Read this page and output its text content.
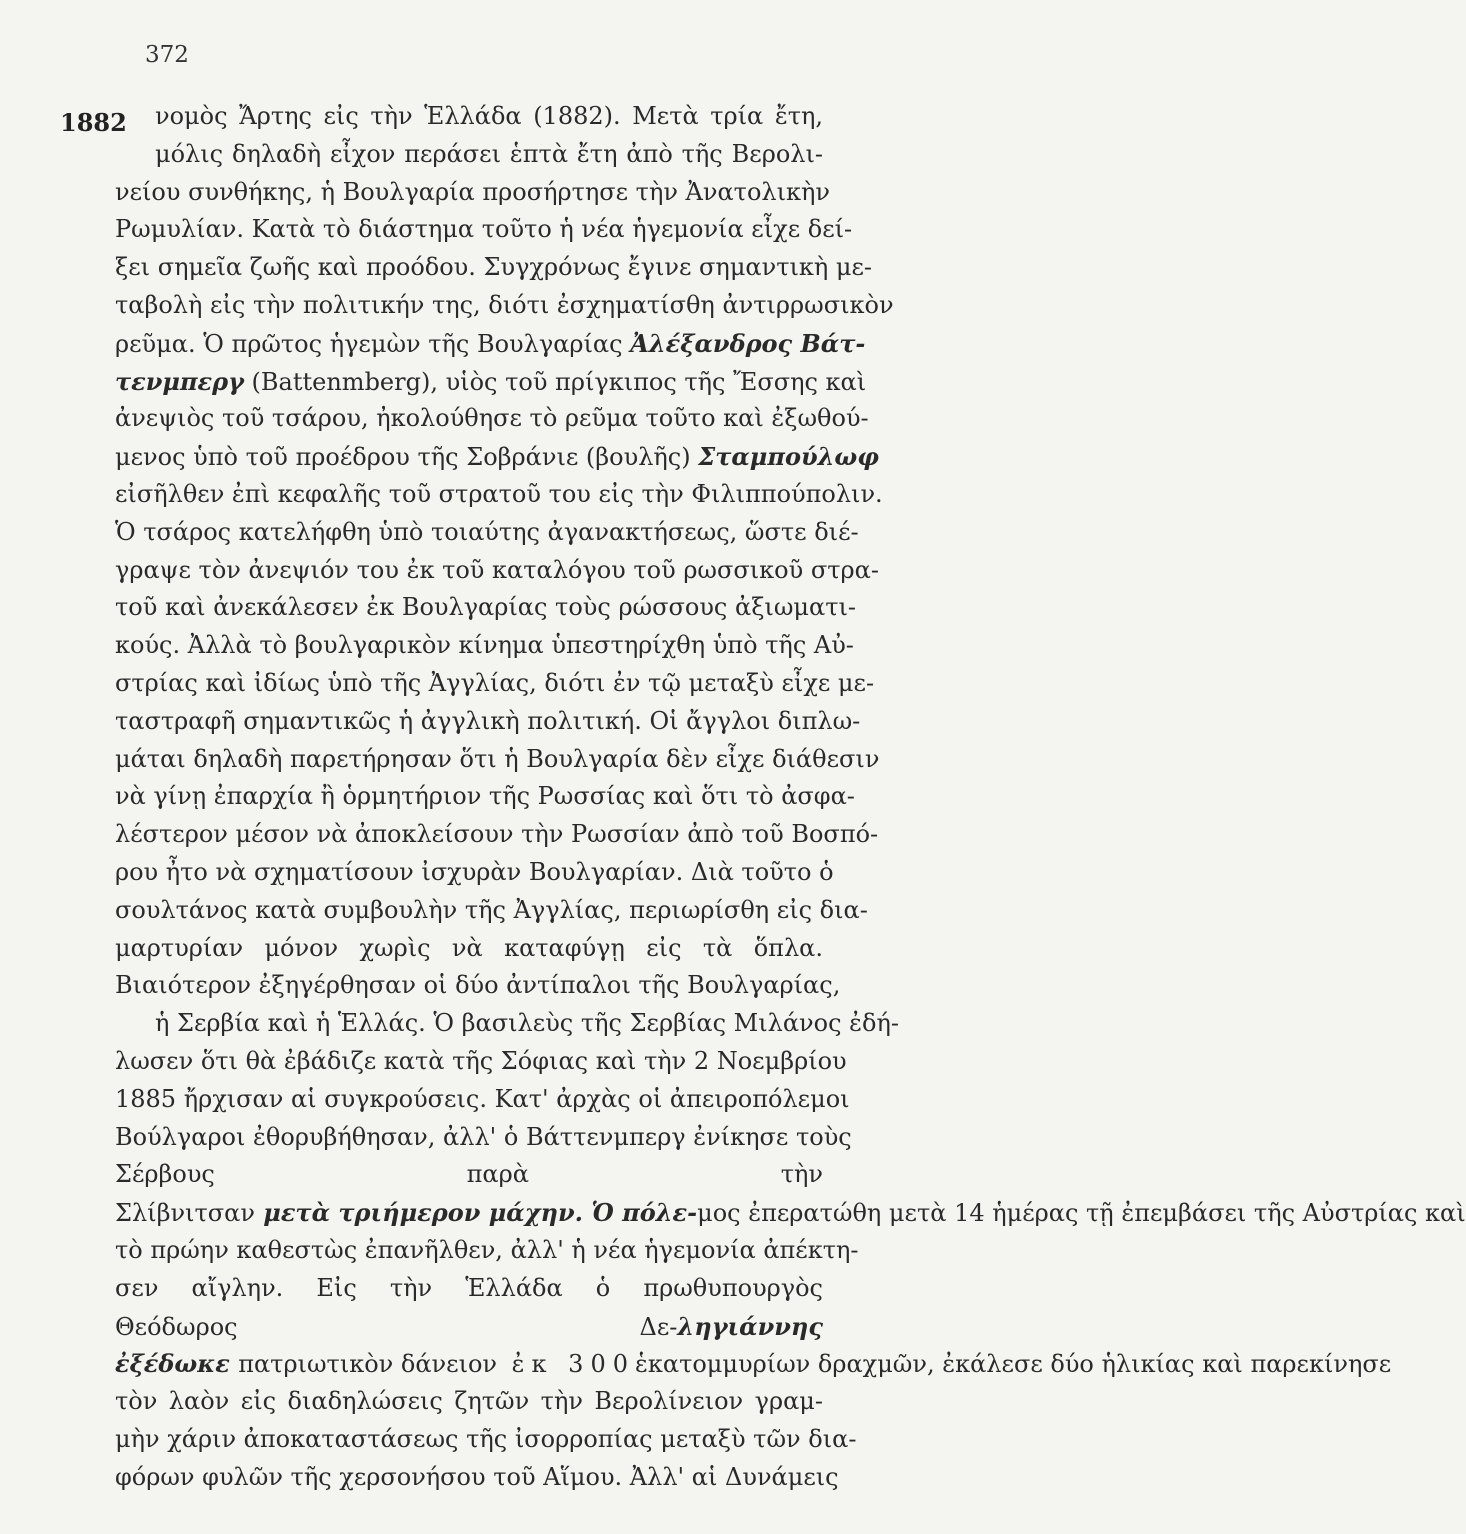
372
1882	νομὸς Ἄρτης εἰς τὴν Ἑλλάδα (1882). Μετὰ τρία ἔτη,
μόλις δηλαδὴ εἶχον περάσει ἑπτὰ ἔτη ἀπὸ τῆς Βερολι-
νείου συνθήκης, ἡ Βουλγαρία προσήρτησε τὴν Ἀνατολικὴν
Ρωμυλίαν. Κατὰ τὸ διάστημα τοῦτο ἡ νέα ἡγεμονία εἶχε δεί-
ξει σημεῖα ζωῆς καὶ προόδου. Συγχρόνως ἔγινε σημαντικὴ με-
ταβολὴ εἰς τὴν πολιτικήν της, διότι ἐσχηματίσθη ἀντιρρωσικὸν
ρεῦμα. Ὁ πρῶτος ἡγεμὼν τῆς Βουλγαρίας Ἀλέξανδρος Βάτ-
τενμπεργ (Battenmberg), υἱὸς τοῦ πρίγκιπος τῆς Ἔσσης καὶ
ἀνεψιὸς τοῦ τσάρου, ἠκολούθησε τὸ ρεῦμα τοῦτο καὶ ἐξωθού-
μενος ὑπὸ τοῦ προέδρου τῆς Σοβράνιε (βουλῆς) Σταμπούλωφ
εἰσῆλθεν ἐπὶ κεφαλῆς τοῦ στρατοῦ του εἰς τὴν Φιλιππούπολιν.
Ὁ τσάρος κατελήφθη ὑπὸ τοιαύτης ἀγανακτήσεως, ὥστε διέ-
γραψε τὸν ἀνεψιόν του ἐκ τοῦ καταλόγου τοῦ ρωσσικοῦ στρα-
τοῦ καὶ ἀνεκάλεσεν ἐκ Βουλγαρίας τοὺς ρώσσους ἀξιωματι-
κούς. Ἀλλὰ τὸ βουλγαρικὸν κίνημα ὑπεστηρίχθη ὑπὸ τῆς Αὐ-
στρίας καὶ ἰδίως ὑπὸ τῆς Ἀγγλίας, διότι ἐν τῷ μεταξὺ εἶχε με-
ταστραφῆ σημαντικῶς ἡ ἀγγλικὴ πολιτική. Οἱ ἄγγλοι διπλω-
μάται δηλαδὴ παρετήρησαν ὅτι ἡ Βουλγαρία δὲν εἶχε διάθεσιν
νὰ γίνῃ ἐπαρχία ἢ ὁρμητήριον τῆς Ρωσσίας καὶ ὅτι τὸ ἀσφα-
λέστερον μέσον νὰ ἀποκλείσουν τὴν Ρωσσίαν ἀπὸ τοῦ Βοσπό-
ρου ἦτο νὰ σχηματίσουν ἰσχυρὰν Βουλγαρίαν. Διὰ τοῦτο ὁ
σουλτάνος κατὰ συμβουλὴν τῆς Ἀγγλίας, περιωρίσθη εἰς δια-
μαρτυρίαν μόνον χωρὶς νὰ καταφύγῃ εἰς τὰ ὅπλα.
Βιαιότερον ἐξηγέρθησαν οἱ δύο ἀντίπαλοι τῆς Βουλγαρίας,
ἡ Σερβία καὶ ἡ Ἑλλάς. Ὁ βασιλεὺς τῆς Σερβίας Μιλάνος ἐδή-
λωσεν ὅτι θὰ ἐβάδιζε κατὰ τῆς Σόφιας καὶ τὴν 2 Νοεμβρίου
1885 ἤρχισαν αἱ συγκρούσεις. Κατ' ἀρχὰς οἱ ἀπειροπόλεμοι
Βούλγαροι ἐθορυβήθησαν, ἀλλ' ὁ Βάττενμπεργ ἐνίκησε τοὺς
Σέρβους παρὰ τὴν
Σλίβνιτσαν μετὰ τριήμερον μάχην. Ὁ πόλε-μος ἐπερατώθη μετὰ 14 ἡμέρας τῇ ἐπεμβάσει τῆς Αὐστρίας καὶ
τὸ πρώην καθεστὼς ἐπανῆλθεν, ἀλλ' ἡ νέα ἡγεμονία ἀπέκτη-
σεν αἴγλην. Εἰς τὴν Ἑλλάδα ὁ πρωθυπουργὸς
Θεόδωρος Δε-ληγιάννης
ἐξέδωκε πατριωτικὸν δάνειον ἐκ 300ἑκατομμυρίων δραχμῶν, ἐκάλεσε δύο ἡλικίας καὶ παρεκίνησε
τὸν λαὸν εἰς διαδηλώσεις ζητῶν τὴν Βερολίνειον γραμ-
μὴν χάριν ἀποκαταστάσεως τῆς ἰσορροπίας μεταξὺ τῶν δια-
φόρων φυλῶν τῆς χερσονήσου τοῦ Αἵμου. Ἀλλ' αἱ Δυνάμεις
